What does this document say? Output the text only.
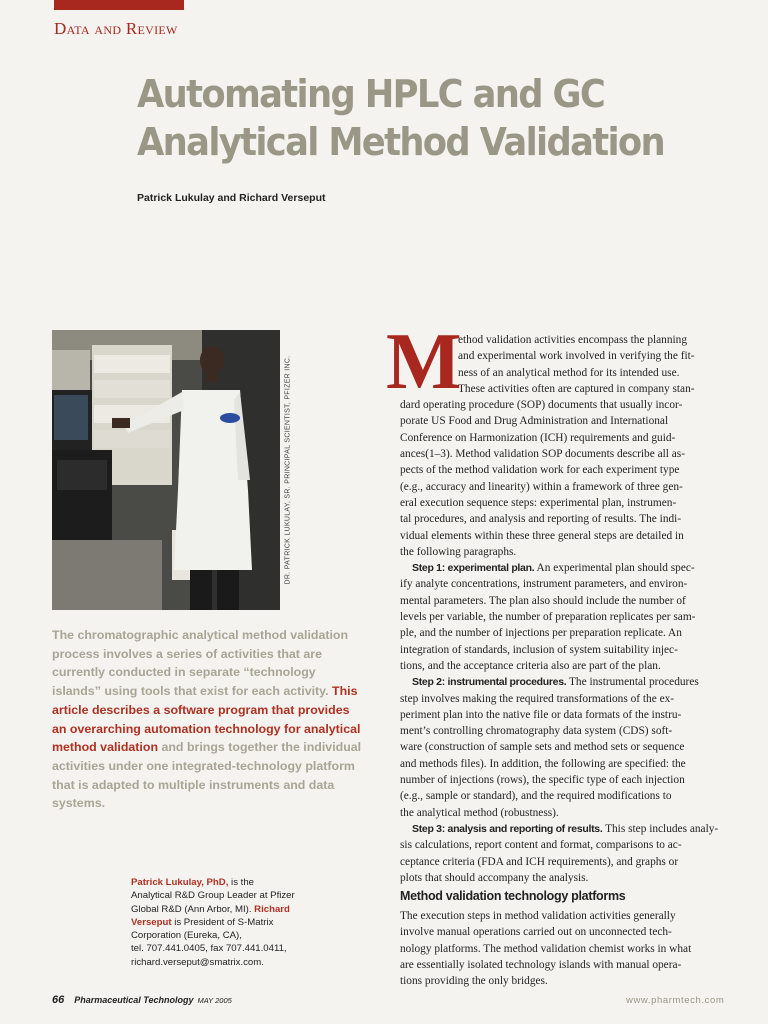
Data and Review
Automating HPLC and GC
Analytical Method Validation
Patrick Lukulay and Richard Verseput
DR. PATRICK LUKULAY, SR. PRINCIPAL SCIENTIST, PFIZER INC.
The chromatographic analytical method validation process involves a series of activities that are currently conducted in separate “technology islands” using tools that exist for each activity. This article describes a software program that provides an overarching automation technology for analytical method validation and brings together the individual activities under one integrated-technology platform that is adapted to multiple instruments and data systems.
Patrick Lukulay, PhD, is the
Analytical R&D Group Leader at Pfizer
Global R&D (Ann Arbor, MI). Richard
Verseput is President of S-Matrix
Corporation (Eureka, CA),
tel. 707.441.0405, fax 707.441.0411,
richard.verseput@smatrix.com.
M
ethod validation activities encompass the planning
and experimental work involved in verifying the fit-
ness of an analytical method for its intended use.
These activities often are captured in company stan-
dard operating procedure (SOP) documents that usually incor-
porate US Food and Drug Administration and International
Conference on Harmonization (ICH) requirements and guid-
ances(1–3). Method validation SOP documents describe all as-
pects of the method validation work for each experiment type
(e.g., accuracy and linearity) within a framework of three gen-
eral execution sequence steps: experimental plan, instrumen-
tal procedures, and analysis and reporting of results. The indi-
vidual elements within these three general steps are detailed in
the following paragraphs.
Step 1: experimental plan. An experimental plan should spec-
ify analyte concentrations, instrument parameters, and environ-
mental parameters. The plan also should include the number of
levels per variable, the number of preparation replicates per sam-
ple, and the number of injections per preparation replicate. An
integration of standards, inclusion of system suitability injec-
tions, and the acceptance criteria also are part of the plan.
Step 2: instrumental procedures. The instrumental procedures
step involves making the required transformations of the ex-
periment plan into the native file or data formats of the instru-
ment’s controlling chromatography data system (CDS) soft-
ware (construction of sample sets and method sets or sequence
and methods files). In addition, the following are specified: the
number of injections (rows), the specific type of each injection
(e.g., sample or standard), and the required modifications to
the analytical method (robustness).
Step 3: analysis and reporting of results. This step includes analy-
sis calculations, report content and format, comparisons to ac-
ceptance criteria (FDA and ICH requirements), and graphs or
plots that should accompany the analysis.
Method validation technology platforms
The execution steps in method validation activities generally
involve manual operations carried out on unconnected tech-
nology platforms. The method validation chemist works in what
are essentially isolated technology islands with manual opera-
tions providing the only bridges.
66 Pharmaceutical Technology MAY 2005	www.pharmtech.com
